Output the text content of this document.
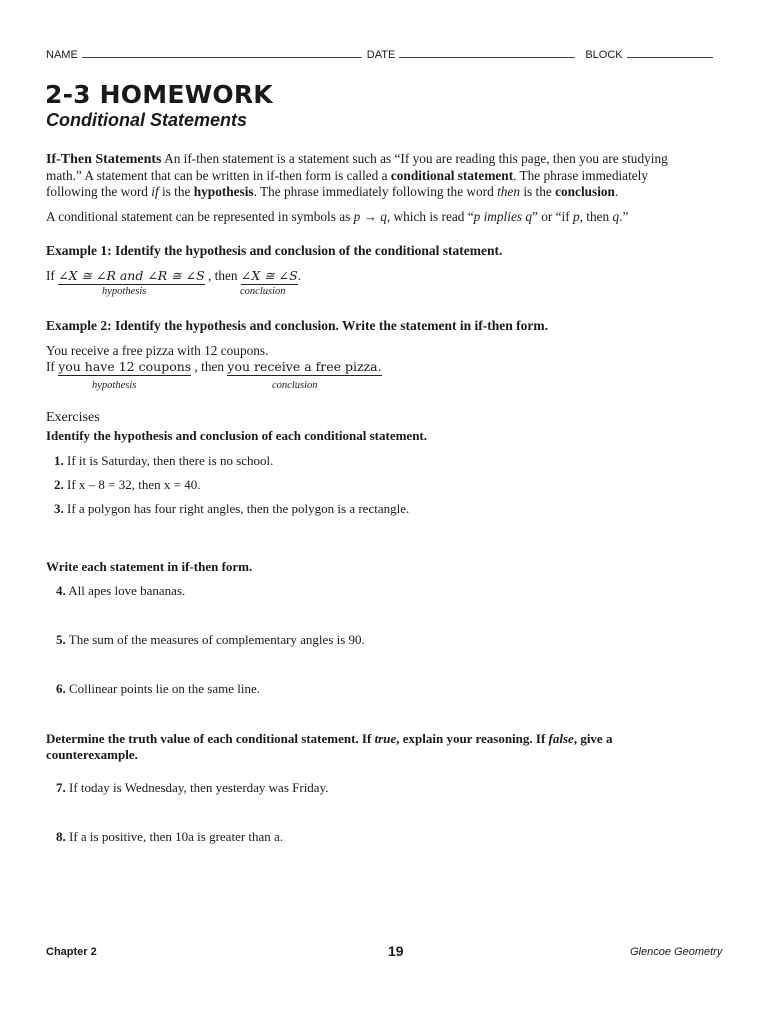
NAME	DATE	BLOCK
2-3 HOMEWORK
Conditional Statements
If-Then Statements An if-then statement is a statement such as “If you are reading this page, then you are studying
math.” A statement that can be written in if-then form is called a conditional statement. The phrase immediately
following the word if is the hypothesis. The phrase immediately following the word then is the conclusion.
A conditional statement can be represented in symbols as p → q, which is read “p implies q” or “if p, then q.”
Example 1: Identify the hypothesis and conclusion of the conditional statement.
If ∠X ≅ ∠R and ∠R ≅ ∠S , then ∠X ≅ ∠S.
hypothesis	conclusion
Example 2: Identify the hypothesis and conclusion. Write the statement in if-then form.
You receive a free pizza with 12 coupons.
If you have 12 coupons , then you receive a free pizza.
hypothesis	conclusion
Exercises
Identify the hypothesis and conclusion of each conditional statement.
1. If it is Saturday, then there is no school.
2. If x – 8 = 32, then x = 40.
3. If a polygon has four right angles, then the polygon is a rectangle.
Write each statement in if-then form.
4. All apes love bananas.
5. The sum of the measures of complementary angles is 90.
6. Collinear points lie on the same line.
Determine the truth value of each conditional statement. If true, explain your reasoning. If false, give a
counterexample.
7. If today is Wednesday, then yesterday was Friday.
8. If a is positive, then 10a is greater than a.
Chapter 2	19	Glencoe Geometry
